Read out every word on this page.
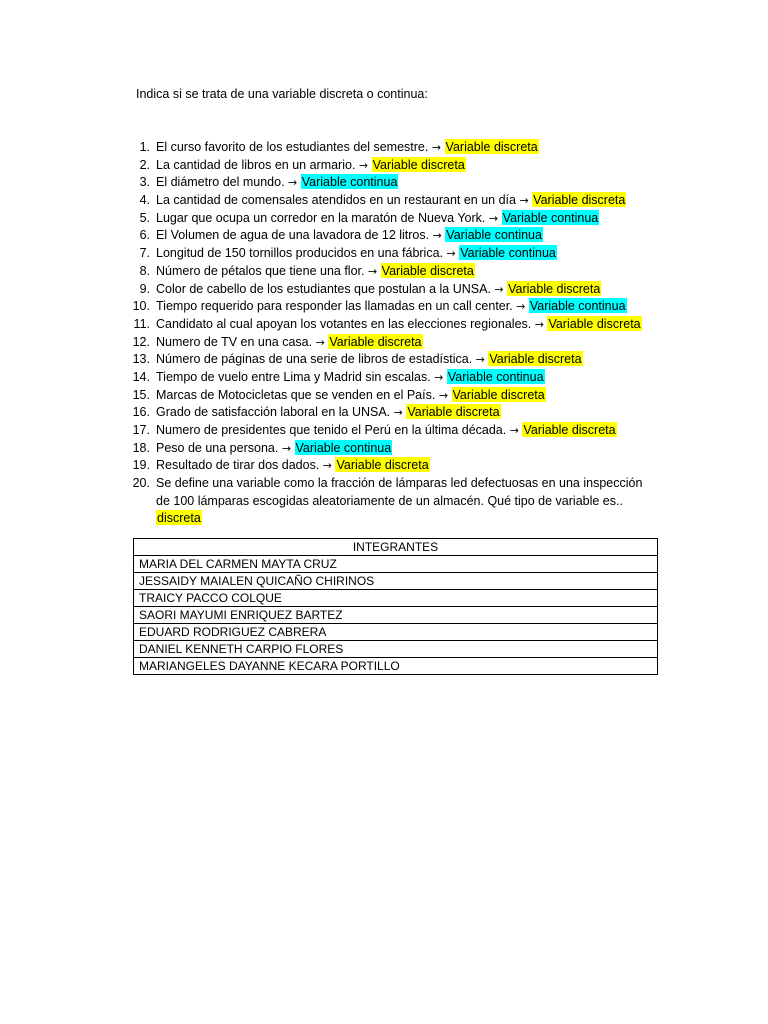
Indica si se trata de una variable discreta o continua:
1. El curso favorito de los estudiantes del semestre. → Variable discreta
2. La cantidad de libros en un armario. → Variable discreta
3. El diámetro del mundo. → Variable continua
4. La cantidad de comensales atendidos en un restaurant en un día → Variable discreta
5. Lugar que ocupa un corredor en la maratón de Nueva York. → Variable continua
6. El Volumen de agua de una lavadora de 12 litros. → Variable continua
7. Longitud de 150 tornillos producidos en una fábrica. → Variable continua
8. Número de pétalos que tiene una flor. → Variable discreta
9. Color de cabello de los estudiantes que postulan a la UNSA. → Variable discreta
10. Tiempo requerido para responder las llamadas en un call center. → Variable continua
11. Candidato al cual apoyan los votantes en las elecciones regionales. → Variable discreta
12. Numero de TV en una casa. → Variable discreta
13. Número de páginas de una serie de libros de estadística. → Variable discreta
14. Tiempo de vuelo entre Lima y Madrid sin escalas. → Variable continua
15. Marcas de Motocicletas que se venden en el País. → Variable discreta
16. Grado de satisfacción laboral en la UNSA. → Variable discreta
17. Numero de presidentes que tenido el Perú en la última década. → Variable discreta
18. Peso de una persona. → Variable continua
19. Resultado de tirar dos dados. → Variable discreta
20. Se define una variable como la fracción de lámparas led defectuosas en una inspección de 100 lámparas escogidas aleatoriamente de un almacén. Qué tipo de variable es.. discreta
INTEGRANTES
MARIA DEL CARMEN MAYTA CRUZ
JESSAIDY MAIALEN QUICAÑO CHIRINOS
TRAICY PACCO COLQUE
SAORI MAYUMI ENRIQUEZ BARTEZ
EDUARD RODRIGUEZ CABRERA
DANIEL KENNETH CARPIO FLORES
MARIANGELES DAYANNE KECARA PORTILLO
